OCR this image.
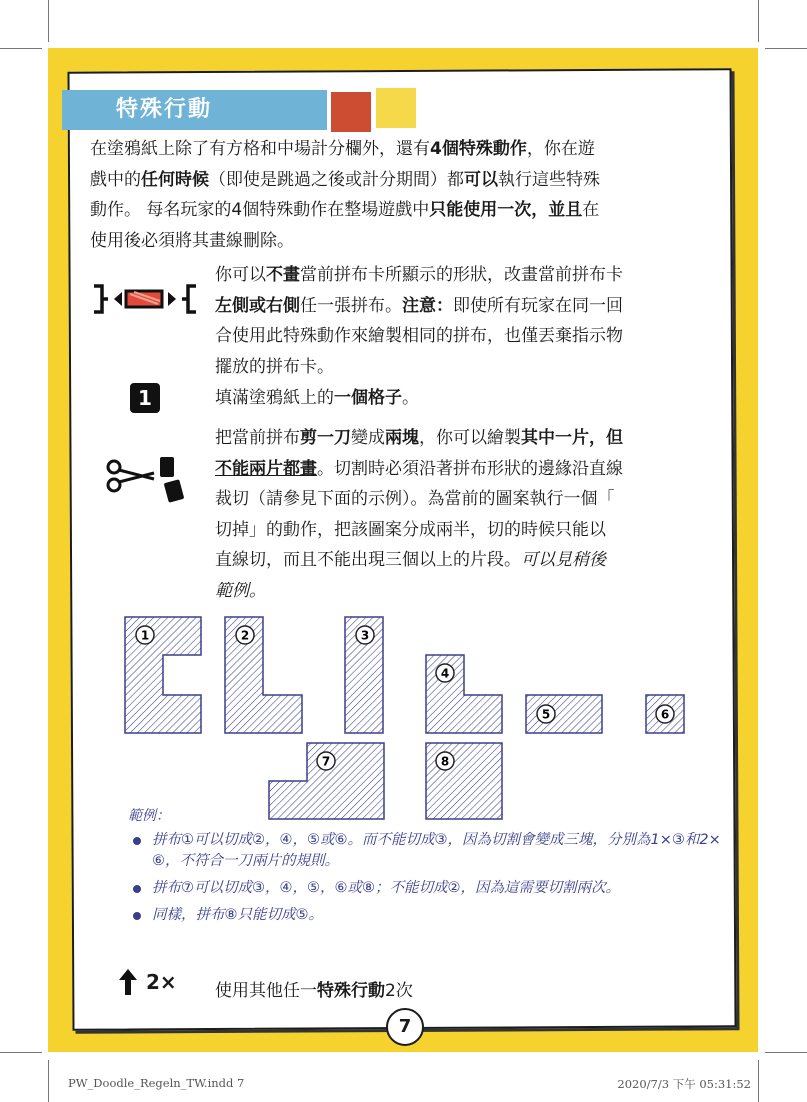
特殊行動
在塗鴉紙上除了有方格和中場計分欄外，還有4個特殊動作，你在遊
戲中的任何時候（即使是跳過之後或計分期間）都可以執行這些特殊
動作。 每名玩家的4個特殊動作在整場遊戲中只能使用一次，並且在
使用後必須將其畫線刪除。
你可以不畫當前拼布卡所顯示的形狀，改畫當前拼布卡
左側或右側任一張拼布。注意：即使所有玩家在同一回
合使用此特殊動作來繪製相同的拼布，也僅丟棄指示物
擺放的拼布卡。
1	填滿塗鴉紙上的一個格子。
把當前拼布剪一刀變成兩塊，你可以繪製其中一片，但
不能兩片都畫。切割時必須沿著拼布形狀的邊緣沿直線
裁切（請參見下面的示例）。為當前的圖案執行一個「
切掉」的動作，把該圖案分成兩半，切的時候只能以
直線切，而且不能出現三個以上的片段。可以見稍後
範例。
1	2	3
4
5	6
7	8
範例：
拼布①可以切成②，④，⑤或⑥。而不能切成③，因為切割會變成三塊，分別為1×③和2× ⑥，不符合一刀兩片的規則。
拼布⑦可以切成③，④，⑤，⑥或⑧；不能切成②，因為這需要切割兩次。
同樣，拼布⑧只能切成⑤。
2× 使用其他任一特殊行動2次
7
PW_Doodle_Regeln_TW.indd 7	2020/7/3 下午 05:31:52
